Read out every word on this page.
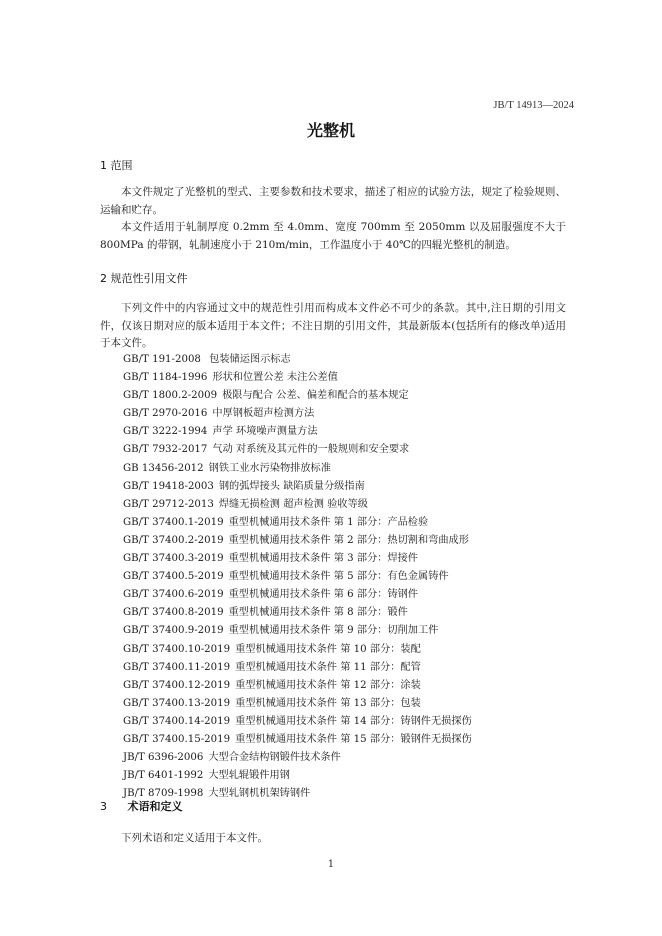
JB/T 14913—2024
光整机
1 范围

本文件规定了光整机的型式、主要参数和技术要求，描述了相应的试验方法，规定了检验规则、运输和贮存。

本文件适用于轧制厚度 0.2mm 至 4.0mm、宽度 700mm 至 2050mm 以及屈服强度不大于 800MPa 的带钢，轧制速度小于 210m/min，工作温度小于 40℃的四辊光整机的制造。

2 规范性引用文件

下列文件中的内容通过文中的规范性引用而构成本文件必不可少的条款。其中,注日期的引用文件，仅该日期对应的版本适用于本文件；不注日期的引用文件，其最新版本(包括所有的修改单)适用于本文件。

GB/T 191-2008 包装储运图示标志
GB/T 1184-1996 形状和位置公差 未注公差值
GB/T 1800.2-2009 极限与配合 公差、偏差和配合的基本规定
GB/T 2970-2016 中厚钢板超声检测方法
GB/T 3222-1994 声学 环境噪声测量方法
GB/T 7932-2017 气动 对系统及其元件的一般规则和安全要求
GB 13456-2012 钢铁工业水污染物排放标准
GB/T 19418-2003 钢的弧焊接头 缺陷质量分级指南
GB/T 29712-2013 焊缝无损检测 超声检测 验收等级
GB/T 37400.1-2019 重型机械通用技术条件 第 1 部分：产品检验
GB/T 37400.2-2019 重型机械通用技术条件 第 2 部分：热切割和弯曲成形
GB/T 37400.3-2019 重型机械通用技术条件 第 3 部分：焊接件
GB/T 37400.5-2019 重型机械通用技术条件 第 5 部分：有色金属铸件
GB/T 37400.6-2019 重型机械通用技术条件 第 6 部分：铸钢件
GB/T 37400.8-2019 重型机械通用技术条件 第 8 部分：锻件
GB/T 37400.9-2019 重型机械通用技术条件 第 9 部分：切削加工件
GB/T 37400.10-2019 重型机械通用技术条件 第 10 部分：装配
GB/T 37400.11-2019 重型机械通用技术条件 第 11 部分：配管
GB/T 37400.12-2019 重型机械通用技术条件 第 12 部分：涂装
GB/T 37400.13-2019 重型机械通用技术条件 第 13 部分：包装
GB/T 37400.14-2019 重型机械通用技术条件 第 14 部分：铸钢件无损探伤
GB/T 37400.15-2019 重型机械通用技术条件 第 15 部分：锻钢件无损探伤
JB/T 6396-2006 大型合金结构钢锻件技术条件
JB/T 6401-1992 大型轧辊锻件用钢
JB/T 8709-1998 大型轧钢机机架铸钢件
3 术语和定义

下列术语和定义适用于本文件。

1
